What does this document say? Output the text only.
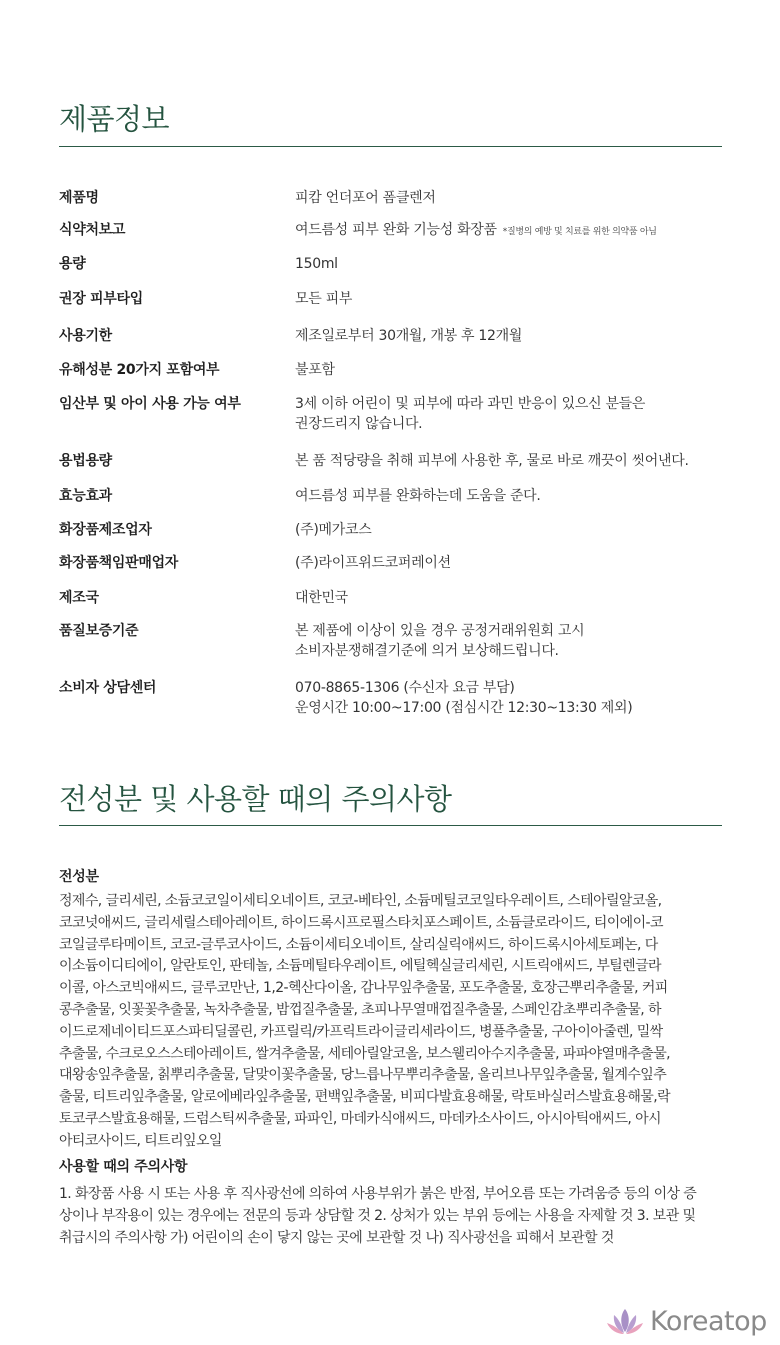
제품정보
제품명	피캄 언더포어 폼클렌저
식약처보고	여드름성 피부 완화 기능성 화장품 *질병의 예방 및 치료를 위한 의약품 아님
용량	150ml
권장 피부타입	모든 피부
사용기한	제조일로부터 30개월, 개봉 후 12개월
유해성분 20가지 포함여부	불포함
임산부 및 아이 사용 가능 여부	3세 이하 어린이 및 피부에 따라 과민 반응이 있으신 분들은
권장드리지 않습니다.
용법용량	본 품 적당량을 취해 피부에 사용한 후, 물로 바로 깨끗이 씻어낸다.
효능효과	여드름성 피부를 완화하는데 도움을 준다.
화장품제조업자	(주)메가코스
화장품책임판매업자	(주)라이프위드코퍼레이션
제조국	대한민국
품질보증기준	본 제품에 이상이 있을 경우 공정거래위원회 고시
소비자분쟁해결기준에 의거 보상해드립니다.
소비자 상담센터	070-8865-1306 (수신자 요금 부담)
운영시간 10:00~17:00 (점심시간 12:30~13:30 제외)
전성분 및 사용할 때의 주의사항
전성분
정제수, 글리세린, 소듐코코일이세티오네이트, 코코-베타인, 소듐메틸코코일타우레이트, 스테아릴알코올,
코코넛애씨드, 글리세릴스테아레이트, 하이드록시프로필스타치포스페이트, 소듐클로라이드, 티이에이-코
코일글루타메이트, 코코-글루코사이드, 소듐이세티오네이트, 살리실릭애씨드, 하이드록시아세토페논, 다
이소듐이디티에이, 알란토인, 판테놀, 소듐메틸타우레이트, 에틸헥실글리세린, 시트릭애씨드, 부틸렌글라
이콜, 아스코빅애씨드, 글루코만난, 1,2-헥산다이올, 감나무잎추출물, 포도추출물, 호장근뿌리추출물, 커피
콩추출물, 잇꽃꽃추출물, 녹차추출물, 밤껍질추출물, 초피나무열매껍질추출물, 스페인감초뿌리추출물, 하
이드로제네이티드포스파티딜콜린, 카프릴릭/카프릭트라이글리세라이드, 병풀추출물, 구아이아줄렌, 밀싹
추출물, 수크로오스스테아레이트, 쌀겨추출물, 세테아릴알코올, 보스웰리아수지추출물, 파파야열매추출물,
대왕송잎추출물, 칡뿌리추출물, 달맞이꽃추출물, 당느릅나무뿌리추출물, 올리브나무잎추출물, 월계수잎추
출물, 티트리잎추출물, 알로에베라잎추출물, 편백잎추출물, 비피다발효용해물, 락토바실러스발효용해물,락
토코쿠스발효용해물, 드럼스틱씨추출물, 파파인, 마데카식애씨드, 마데카소사이드, 아시아틱애씨드, 아시
아티코사이드, 티트리잎오일
사용할 때의 주의사항
1. 화장품 사용 시 또는 사용 후 직사광선에 의하여 사용부위가 붉은 반점, 부어오름 또는 가려움증 등의 이상 증
상이나 부작용이 있는 경우에는 전문의 등과 상담할 것 2. 상처가 있는 부위 등에는 사용을 자제할 것 3. 보관 및
취급시의 주의사항 가) 어린이의 손이 닿지 않는 곳에 보관할 것 나) 직사광선을 피해서 보관할 것
Koreatop
